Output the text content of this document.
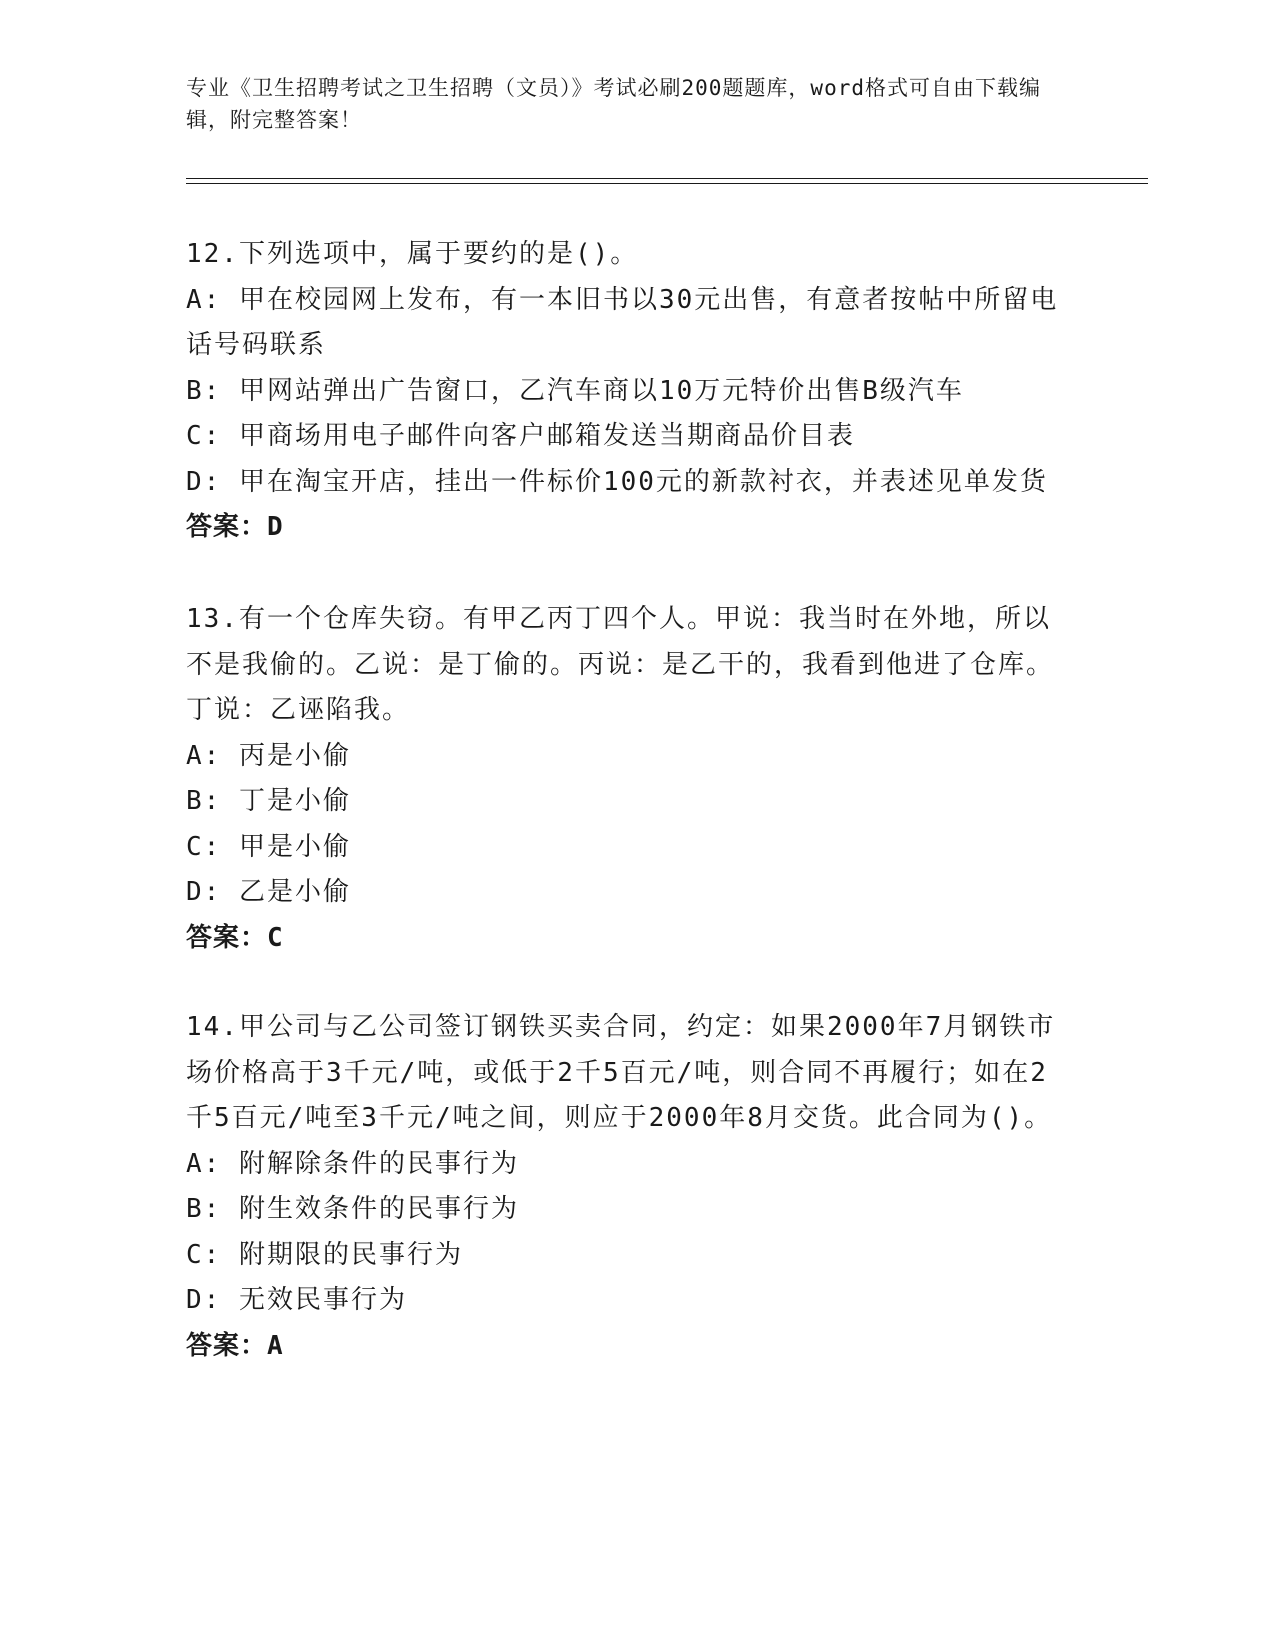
专业《卫生招聘考试之卫生招聘（文员）》考试必刷200题题库，word格式可自由下载编辑，附完整答案！
12.下列选项中，属于要约的是()。
A: 甲在校园网上发布，有一本旧书以30元出售，有意者按帖中所留电话号码联系
B: 甲网站弹出广告窗口，乙汽车商以10万元特价出售B级汽车
C: 甲商场用电子邮件向客户邮箱发送当期商品价目表
D: 甲在淘宝开店，挂出一件标价100元的新款衬衣，并表述见单发货
答案：D
13.有一个仓库失窃。有甲乙丙丁四个人。甲说：我当时在外地，所以不是我偷的。乙说：是丁偷的。丙说：是乙干的，我看到他进了仓库。丁说：乙诬陷我。
A: 丙是小偷
B: 丁是小偷
C: 甲是小偷
D: 乙是小偷
答案：C
14.甲公司与乙公司签订钢铁买卖合同，约定：如果2000年7月钢铁市场价格高于3千元/吨，或低于2千5百元/吨，则合同不再履行；如在2千5百元/吨至3千元/吨之间，则应于2000年8月交货。此合同为()。
A: 附解除条件的民事行为
B: 附生效条件的民事行为
C: 附期限的民事行为
D: 无效民事行为
答案：A
